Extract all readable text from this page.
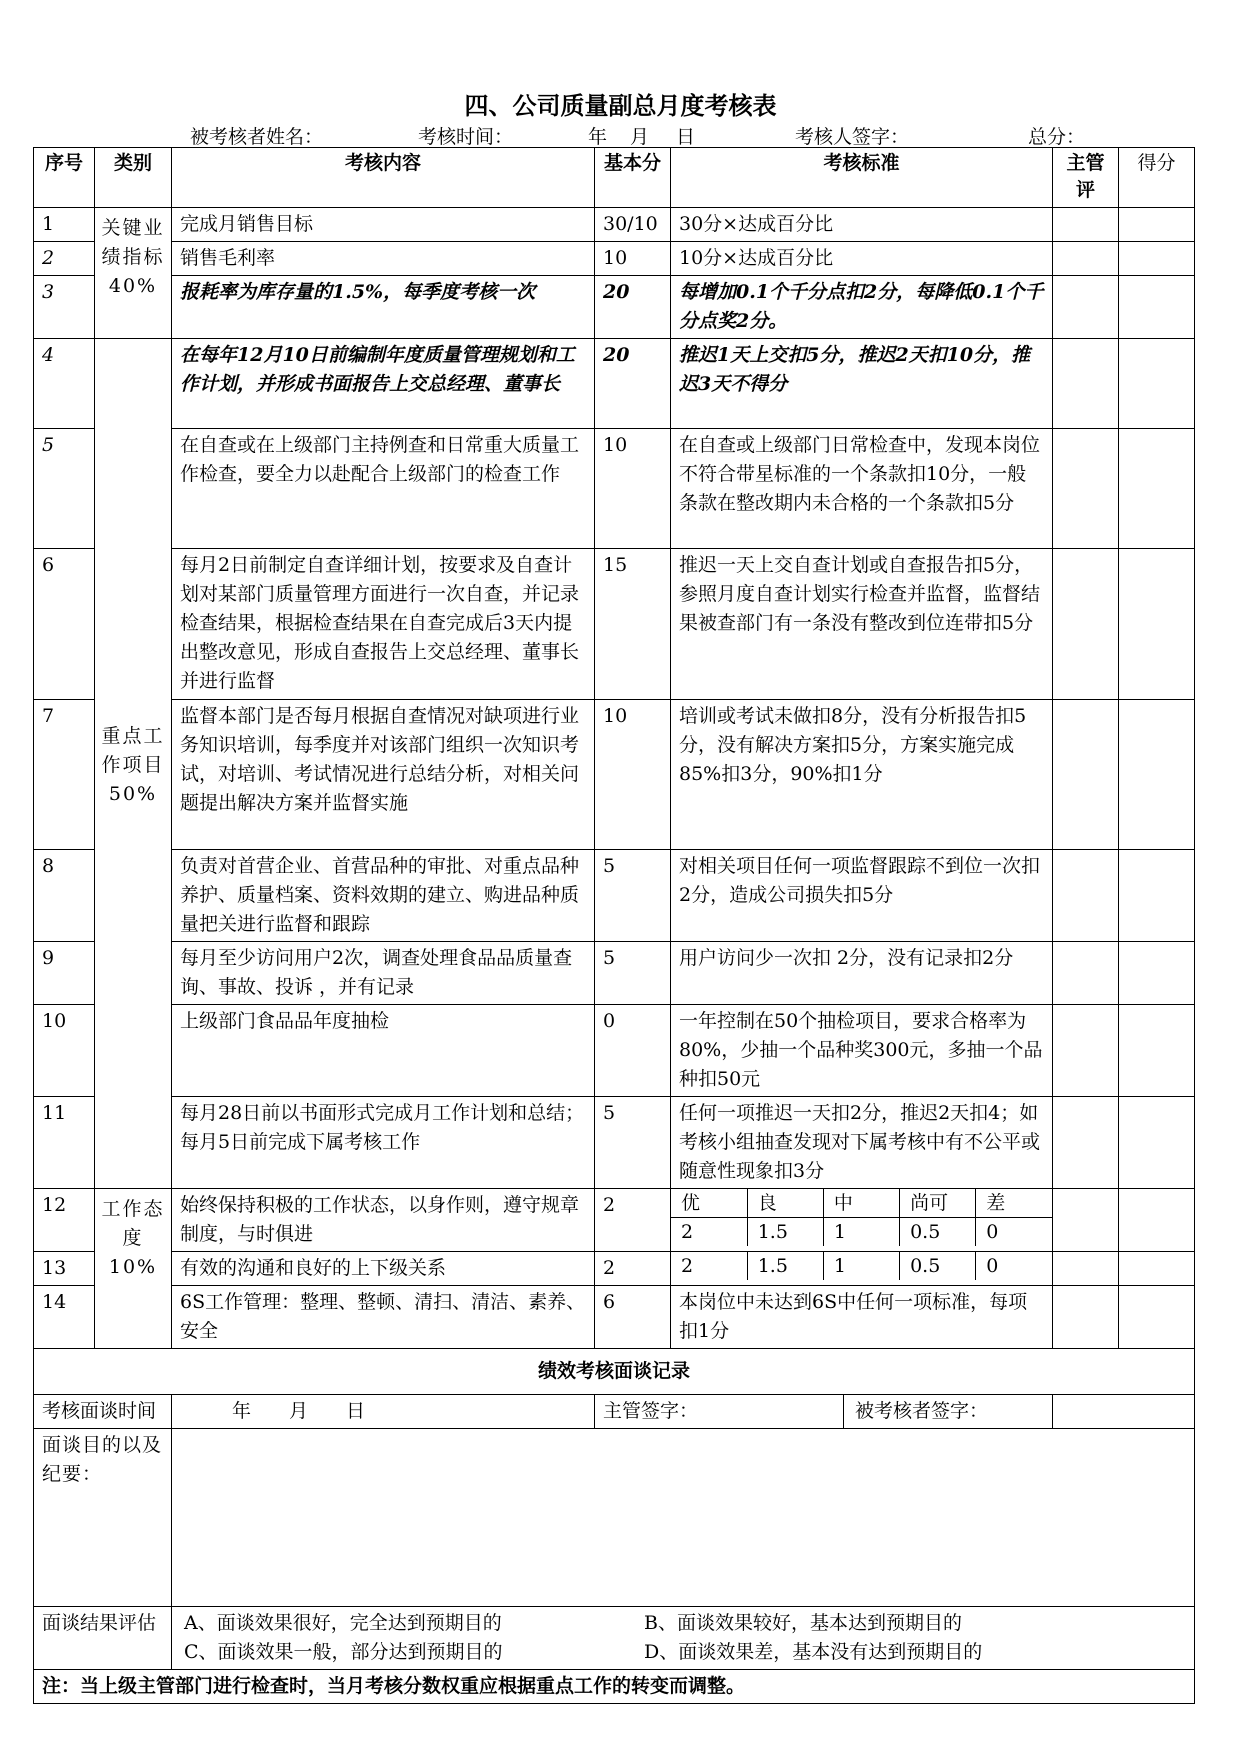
四、公司质量副总月度考核表
被考核者姓名：	考核时间：	年 月 日	考核人签字：	总分：
序号	类别	考核内容	基本分	考核标准	主管评	得分
1	关键业绩指标40%	完成月销售目标	30/10	30分×达成百分比		
2	销售毛利率	10	10分×达成百分比		
3	报耗率为库存量的1.5%，每季度考核一次	20	每增加0.1个千分点扣2分，每降低0.1个千分点奖2分。		
4	重点工作项目50%	在每年12月10日前编制年度质量管理规划和工作计划，并形成书面报告上交总经理、董事长	20	推迟1天上交扣5分，推迟2天扣10分，推迟3天不得分		
5	在自查或在上级部门主持例查和日常重大质量工作检查，要全力以赴配合上级部门的检查工作	10	在自查或上级部门日常检查中，发现本岗位不符合带星标准的一个条款扣10分，一般条款在整改期内未合格的一个条款扣5分		
6	每月2日前制定自查详细计划，按要求及自查计划对某部门质量管理方面进行一次自查，并记录检查结果，根据检查结果在自查完成后3天内提出整改意见，形成自查报告上交总经理、董事长并进行监督	15	推迟一天上交自查计划或自查报告扣5分，参照月度自查计划实行检查并监督，监督结果被查部门有一条没有整改到位连带扣5分		
7	监督本部门是否每月根据自查情况对缺项进行业务知识培训，每季度并对该部门组织一次知识考试，对培训、考试情况进行总结分析，对相关问题提出解决方案并监督实施	10	培训或考试未做扣8分，没有分析报告扣5分，没有解决方案扣5分，方案实施完成85%扣3分，90%扣1分		
8	负责对首营企业、首营品种的审批、对重点品种养护、质量档案、资料效期的建立、购进品种质量把关进行监督和跟踪	5	对相关项目任何一项监督跟踪不到位一次扣2分，造成公司损失扣5分		
9	每月至少访问用户2次，调查处理食品品质量查询、事故、投诉 ，并有记录	5	用户访问少一次扣 2分，没有记录扣2分		
10	上级部门食品品年度抽检	0	一年控制在50个抽检项目，要求合格率为80%，少抽一个品种奖300元，多抽一个品种扣50元		
11	每月28日前以书面形式完成月工作计划和总结；每月5日前完成下属考核工作	5	任何一项推迟一天扣2分，推迟2天扣4；如考核小组抽查发现对下属考核中有不公平或随意性现象扣3分		
12	工作态度10%	始终保持积极的工作状态，以身作则，遵守规章制度，与时俱进	2		优	良	中	尚可	差
2	1.5	1	0.5	0

13	有效的沟通和良好的上下级关系	2		2	1.5	1	0.5	0

14	6S工作管理：整理、整顿、清扫、清洁、素养、安全	6	本岗位中未达到6S中任何一项标准，每项扣1分		
绩效考核面谈记录
考核面谈时间	年　　月　　日	主管签字：	被考核者签字：

面谈目的以及纪要：	
面谈结果评估	A、面谈效果很好，完全达到预期目的	B、面谈效果较好，基本达到预期目的
C、面谈效果一般，部分达到预期目的	D、面谈效果差，基本没有达到预期目的

注：当上级主管部门进行检查时，当月考核分数权重应根据重点工作的转变而调整。
